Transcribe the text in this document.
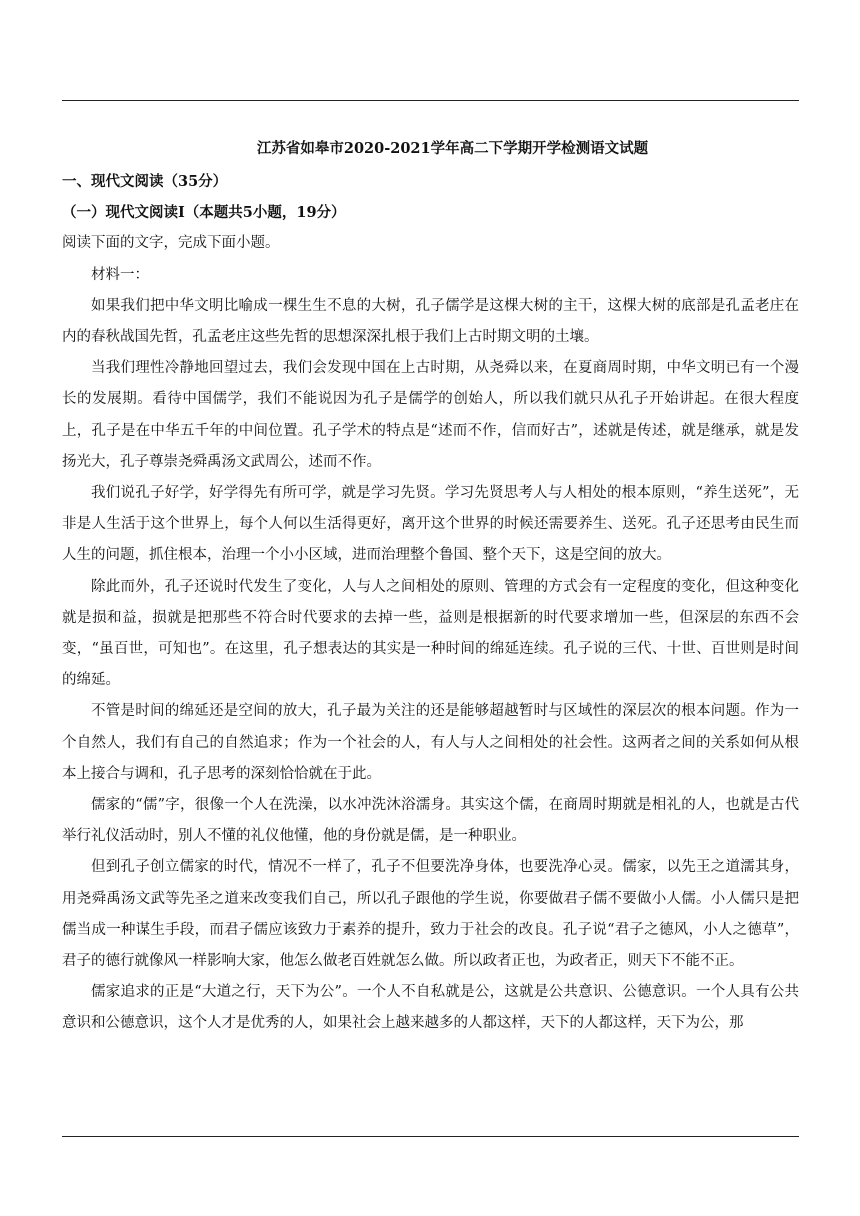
江苏省如皋市2020-2021学年高二下学期开学检测语文试题

一、现代文阅读（35分）

（一）现代文阅读Ⅰ（本题共5小题，19分）

阅读下面的文字，完成下面小题。

材料一：

如果我们把中华文明比喻成一棵生生不息的大树，孔子儒学是这棵大树的主干，这棵大树的底部是孔孟老庄在内的春秋战国先哲，孔孟老庄这些先哲的思想深深扎根于我们上古时期文明的土壤。

当我们理性冷静地回望过去，我们会发现中国在上古时期，从尧舜以来，在夏商周时期，中华文明已有一个漫长的发展期。看待中国儒学，我们不能说因为孔子是儒学的创始人，所以我们就只从孔子开始讲起。在很大程度上，孔子是在中华五千年的中间位置。孔子学术的特点是“述而不作，信而好古”，述就是传述，就是继承，就是发扬光大，孔子尊崇尧舜禹汤文武周公，述而不作。

我们说孔子好学，好学得先有所可学，就是学习先贤。学习先贤思考人与人相处的根本原则，“养生送死”，无非是人生活于这个世界上，每个人何以生活得更好，离开这个世界的时候还需要养生、送死。孔子还思考由民生而人生的问题，抓住根本，治理一个小小区域，进而治理整个鲁国、整个天下，这是空间的放大。

除此而外，孔子还说时代发生了变化，人与人之间相处的原则、管理的方式会有一定程度的变化，但这种变化就是损和益，损就是把那些不符合时代要求的去掉一些，益则是根据新的时代要求增加一些，但深层的东西不会变，“虽百世，可知也”。在这里，孔子想表达的其实是一种时间的绵延连续。孔子说的三代、十世、百世则是时间的绵延。

不管是时间的绵延还是空间的放大，孔子最为关注的还是能够超越暂时与区域性的深层次的根本问题。作为一个自然人，我们有自己的自然追求；作为一个社会的人，有人与人之间相处的社会性。这两者之间的关系如何从根本上接合与调和，孔子思考的深刻恰恰就在于此。

儒家的“儒”字，很像一个人在洗澡，以水冲洗沐浴濡身。其实这个儒，在商周时期就是相礼的人，也就是古代举行礼仪活动时，别人不懂的礼仪他懂，他的身份就是儒，是一种职业。

但到孔子创立儒家的时代，情况不一样了，孔子不但要洗净身体，也要洗净心灵。儒家，以先王之道濡其身，用尧舜禹汤文武等先圣之道来改变我们自己，所以孔子跟他的学生说，你要做君子儒不要做小人儒。小人儒只是把儒当成一种谋生手段，而君子儒应该致力于素养的提升，致力于社会的改良。孔子说“君子之德风，小人之德草”，君子的德行就像风一样影响大家，他怎么做老百姓就怎么做。所以政者正也，为政者正，则天下不能不正。

儒家追求的正是“大道之行，天下为公”。一个人不自私就是公，这就是公共意识、公德意识。一个人具有公共意识和公德意识，这个人才是优秀的人，如果社会上越来越多的人都这样，天下的人都这样，天下为公，那
